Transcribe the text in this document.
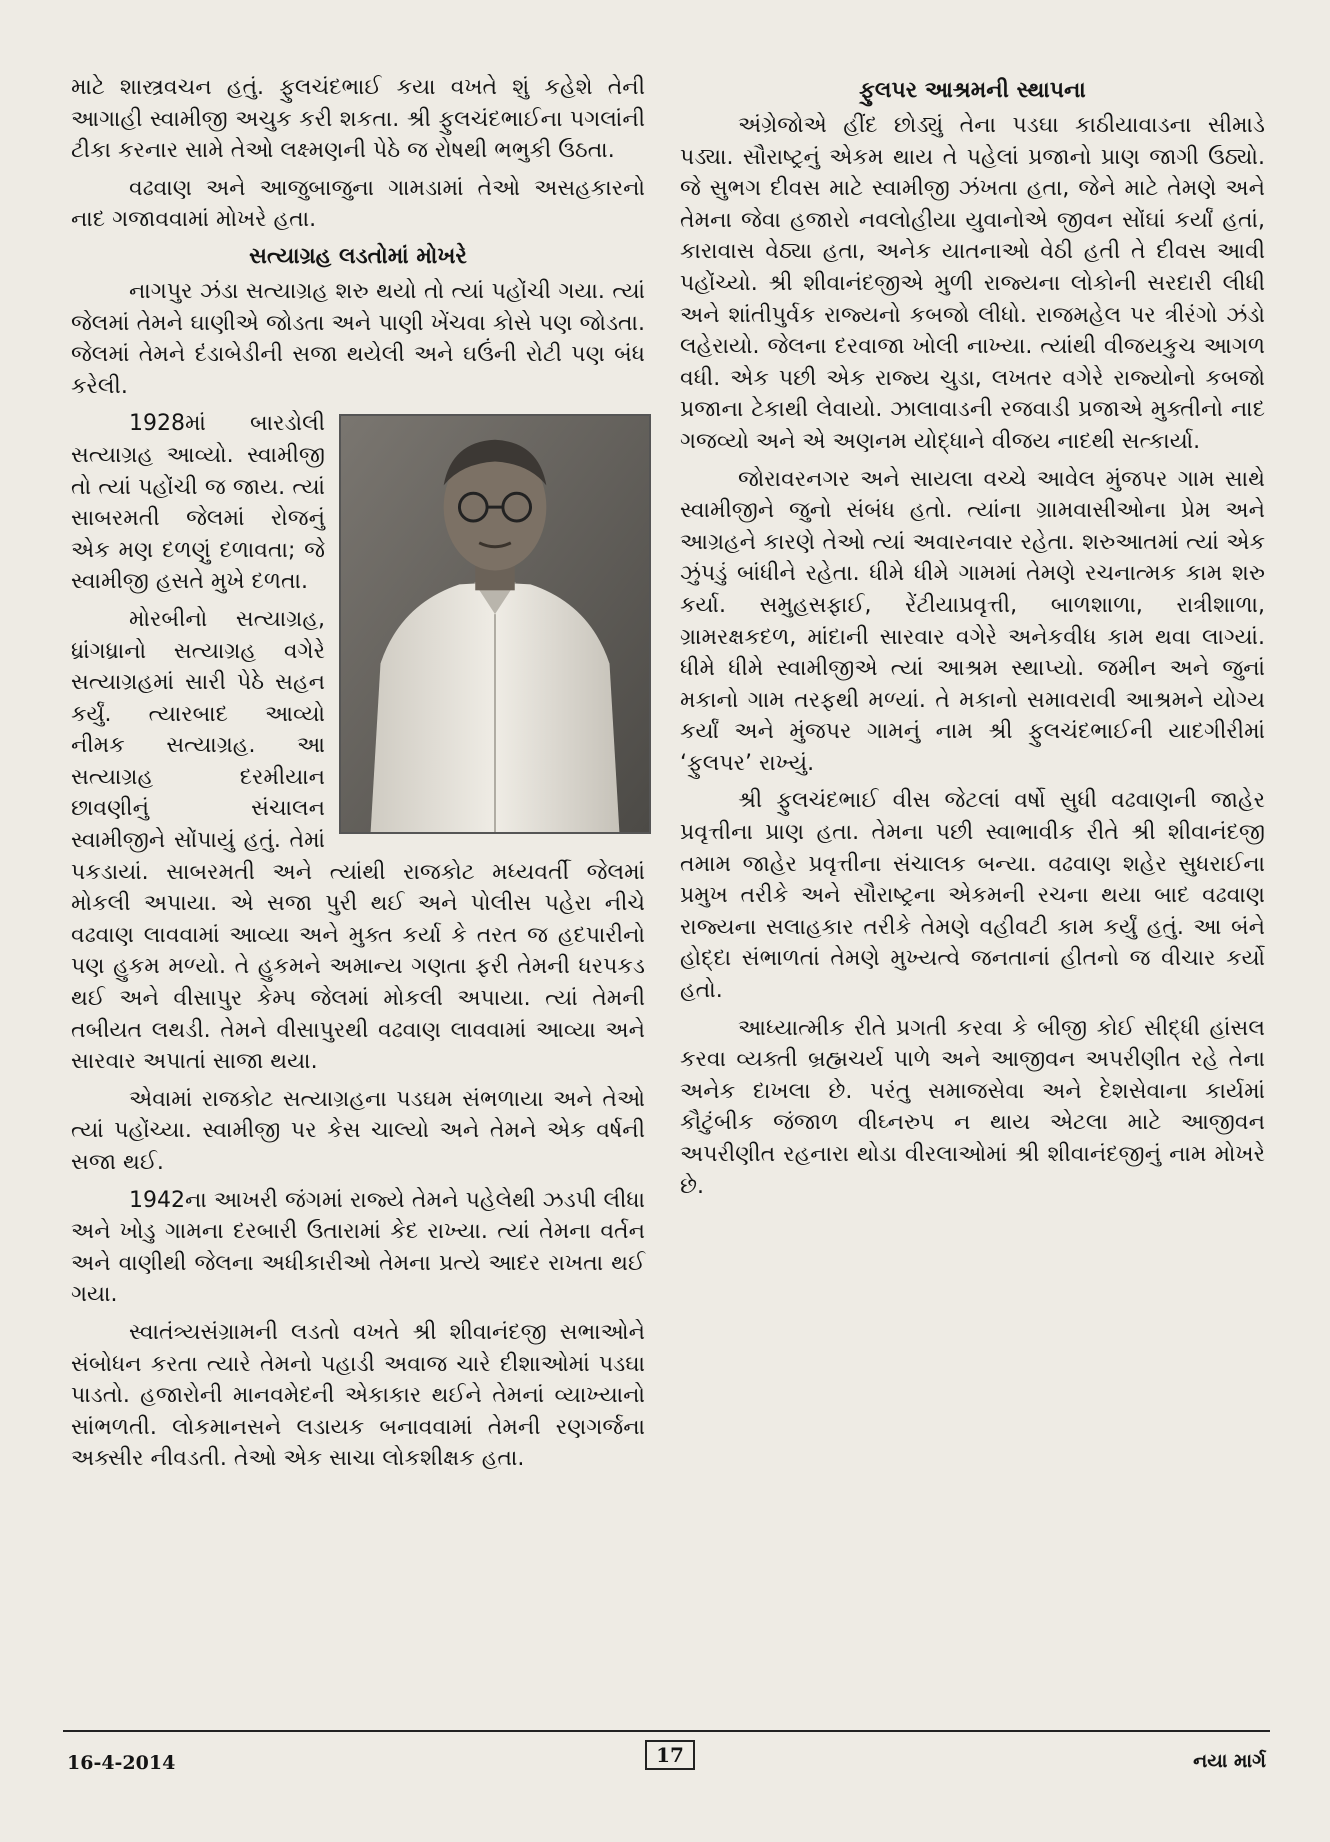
માટે શાસ્ત્રવચન હતું. ફુલચંદભાઈ કયા વખતે શું કહેશે તેની આગાહી સ્વામીજી અચુક કરી શકતા. શ્રી ફુલચંદભાઈના પગલાંની ટીકા કરનાર સામે તેઓ લક્ષ્મણની પેઠે જ રોષથી ભભુકી ઉઠતા.

વઢવાણ અને આજુબાજુના ગામડામાં તેઓ અસહકારનો નાદ ગજાવવામાં મોખરે હતા.

સત્યાગ્રહ લડતોમાં મોખરે

નાગપુર ઝંડા સત્યાગ્રહ શરુ થયો તો ત્યાં પહોંચી ગયા. ત્યાં જેલમાં તેમને ઘાણીએ જોડતા અને પાણી ખેંચવા કોસે પણ જોડતા. જેલમાં તેમને દંડાબેડીની સજા થયેલી અને ઘઉંની રોટી પણ બંધ કરેલી.

1928માં બારડોલી સત્યાગ્રહ આવ્યો. સ્વામીજી તો ત્યાં પહોંચી જ જાય. ત્યાં સાબરમતી જેલમાં રોજનું એક મણ દળણું દળાવતા; જે સ્વામીજી હસતે મુખે દળતા.

મોરબીનો સત્યાગ્રહ, ધ્રાંગધ્રાનો સત્યાગ્રહ વગેરે સત્યાગ્રહમાં સારી પેઠે સહન કર્યું. ત્યારબાદ આવ્યો નીમક સત્યાગ્રહ. આ સત્યાગ્રહ દરમીયાન છાવણીનું સંચાલન સ્વામીજીને સોંપાયું હતું. તેમાં પકડાયાં. સાબરમતી અને ત્યાંથી રાજકોટ મધ્યવર્તી જેલમાં મોકલી અપાયા. એ સજા પુરી થઈ અને પોલીસ પહેરા નીચે વઢવાણ લાવવામાં આવ્યા અને મુક્ત કર્યા કે તરત જ હદપારીનો પણ હુકમ મળ્યો. તે હુકમને અમાન્ય ગણતા ફરી તેમની ધરપકડ થઈ અને વીસાપુર કેમ્પ જેલમાં મોકલી અપાયા. ત્યાં તેમની તબીયત લથડી. તેમને વીસાપુરથી વઢવાણ લાવવામાં આવ્યા અને સારવાર અપાતાં સાજા થયા.

એવામાં રાજકોટ સત્યાગ્રહના પડઘમ સંભળાયા અને તેઓ ત્યાં પહોંચ્યા. સ્વામીજી પર કેસ ચાલ્યો અને તેમને એક વર્ષની સજા થઈ.

1942ના આખરી જંગમાં રાજ્યે તેમને પહેલેથી ઝડપી લીધા અને ખોડુ ગામના દરબારી ઉતારામાં કેદ રાખ્યા. ત્યાં તેમના વર્તન અને વાણીથી જેલના અધીકારીઓ તેમના પ્રત્યે આદર રાખતા થઈ ગયા.

સ્વાતંત્ર્યસંગ્રામની લડતો વખતે શ્રી શીવાનંદજી સભાઓને સંબોધન કરતા ત્યારે તેમનો પહાડી અવાજ ચારે દીશાઓમાં પડઘા પાડતો. હજારોની માનવમેદની એકાકાર થઈને તેમનાં વ્યાખ્યાનો સાંભળતી. લોકમાનસને લડાયક બનાવવામાં તેમની રણગર્જના અક્સીર નીવડતી. તેઓ એક સાચા લોકશીક્ષક હતા.

ફુલપર આશ્રમની સ્થાપના

અંગ્રેજોએ હીંદ છોડ્યું તેના પડઘા કાઠીયાવાડના સીમાડે પડ્યા. સૌરાષ્ટ્રનું એકમ થાય તે પહેલાં પ્રજાનો પ્રાણ જાગી ઉઠ્યો. જે સુભગ દીવસ માટે સ્વામીજી ઝંખતા હતા, જેને માટે તેમણે અને તેમના જેવા હજારો નવલોહીયા યુવાનોએ જીવન સોંઘાં કર્યાં હતાં, કારાવાસ વેઠ્યા હતા, અનેક યાતનાઓ વેઠી હતી તે દીવસ આવી પહોંચ્યો. શ્રી શીવાનંદજીએ મુળી રાજ્યના લોકોની સરદારી લીધી અને શાંતીપુર્વક રાજ્યનો કબજો લીધો. રાજમહેલ પર ત્રીરંગો ઝંડો લહેરાયો. જેલના દરવાજા ખોલી નાખ્યા. ત્યાંથી વીજયકુચ આગળ વધી. એક પછી એક રાજ્ય ચુડા, લખતર વગેરે રાજ્યોનો કબજો પ્રજાના ટેકાથી લેવાયો. ઝાલાવાડની રજવાડી પ્રજાએ મુક્તીનો નાદ ગજવ્યો અને એ અણનમ યોદ્ધાને વીજય નાદથી સત્કાર્યા.

જોરાવરનગર અને સાયલા વચ્ચે આવેલ મુંજપર ગામ સાથે સ્વામીજીને જુનો સંબંધ હતો. ત્યાંના ગ્રામવાસીઓના પ્રેમ અને આગ્રહને કારણે તેઓ ત્યાં અવારનવાર રહેતા. શરુઆતમાં ત્યાં એક ઝુંપડું બાંધીને રહેતા. ધીમે ધીમે ગામમાં તેમણે રચનાત્મક કામ શરુ કર્યા. સમુહસફાઈ, રેંટીયાપ્રવૃત્તી, બાળશાળા, રાત્રીશાળા, ગ્રામરક્ષકદળ, માંદાની સારવાર વગેરે અનેકવીધ કામ થવા લાગ્યાં. ધીમે ધીમે સ્વામીજીએ ત્યાં આશ્રમ સ્થાપ્યો. જમીન અને જુનાં મકાનો ગામ તરફથી મળ્યાં. તે મકાનો સમાવરાવી આશ્રમને યોગ્ય કર્યાં અને મુંજપર ગામનું નામ શ્રી ફુલચંદભાઈની યાદગીરીમાં ‘ફુલપર’ રાખ્યું.

શ્રી ફુલચંદભાઈ વીસ જેટલાં વર્ષો સુધી વઢવાણની જાહેર પ્રવૃત્તીના પ્રાણ હતા. તેમના પછી સ્વાભાવીક રીતે શ્રી શીવાનંદજી તમામ જાહેર પ્રવૃત્તીના સંચાલક બન્યા. વઢવાણ શહેર સુધરાઈના પ્રમુખ તરીકે અને સૌરાષ્ટ્રના એકમની રચના થયા બાદ વઢવાણ રાજ્યના સલાહકાર તરીકે તેમણે વહીવટી કામ કર્યું હતું. આ બંને હોદ્દા સંભાળતાં તેમણે મુખ્યત્વે જનતાનાં હીતનો જ વીચાર કર્યો હતો.

આધ્યાત્મીક રીતે પ્રગતી કરવા કે બીજી કોઈ સીદ્ધી હાંસલ કરવા વ્યક્તી બ્રહ્મચર્ય પાળે અને આજીવન અપરીણીત રહે તેના અનેક દાખલા છે. પરંતુ સમાજસેવા અને દેશસેવાના કાર્યમાં કૌટુંબીક જંજાળ વીઘ્નરુપ ન થાય એટલા માટે આજીવન અપરીણીત રહનારા થોડા વીરલાઓમાં શ્રી શીવાનંદજીનું નામ મોખરે છે.

16-4-2014	17	નયા માર્ગ
